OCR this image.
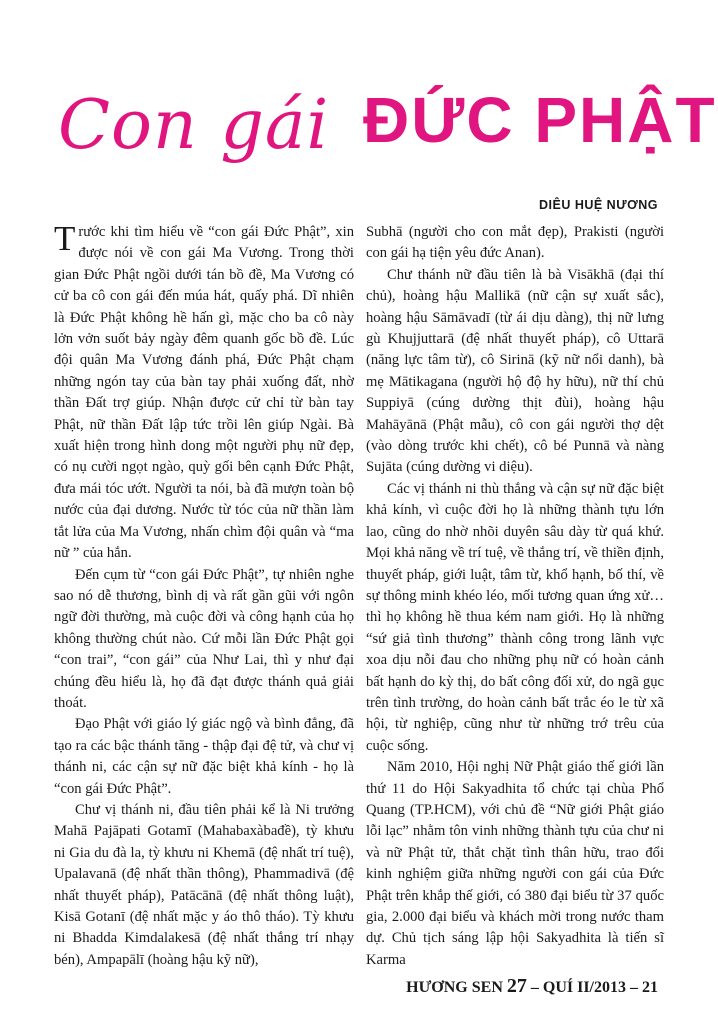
Con gái ĐỨC PHẬT
DIÊU HUỆ NƯƠNG

Trước khi tìm hiểu về “con gái Đức Phật”, xin được nói về con gái Ma Vương. Trong thời gian Đức Phật ngồi dưới tán bồ đề, Ma Vương có cử ba cô con gái đến múa hát, quấy phá. Dĩ nhiên là Đức Phật không hề hấn gì, mặc cho ba cô này lởn vởn suốt bảy ngày đêm quanh gốc bồ đề. Lúc đội quân Ma Vương đánh phá, Đức Phật chạm những ngón tay của bàn tay phải xuống đất, nhờ thần Đất trợ giúp. Nhận được cử chỉ từ bàn tay Phật, nữ thần Đất lập tức trồi lên giúp Ngài. Bà xuất hiện trong hình dong một người phụ nữ đẹp, có nụ cười ngọt ngào, quỳ gối bên cạnh Đức Phật, đưa mái tóc ướt. Người ta nói, bà đã mượn toàn bộ nước của đại dương. Nước từ tóc của nữ thần làm tắt lửa của Ma Vương, nhấn chìm đội quân và “ma nữ ” của hắn.

Đến cụm từ “con gái Đức Phật”, tự nhiên nghe sao nó dễ thương, bình dị và rất gần gũi với ngôn ngữ đời thường, mà cuộc đời và công hạnh của họ không thường chút nào. Cứ mỗi lần Đức Phật gọi “con trai”, “con gái” của Như Lai, thì y như đại chúng đều hiểu là, họ đã đạt được thánh quả giải thoát.

Đạo Phật với giáo lý giác ngộ và bình đẳng, đã tạo ra các bậc thánh tăng - thập đại đệ tử, và chư vị thánh ni, các cận sự nữ đặc biệt khả kính - họ là “con gái Đức Phật”.

Chư vị thánh ni, đầu tiên phải kể là Ni trưởng Mahā Pajāpati Gotamī (Mahabaxàbađề), tỳ khưu ni Gia du đà la, tỳ khưu ni Khemā (đệ nhất trí tuệ), Upalavanā (đệ nhất thần thông), Phammadivā (đệ nhất thuyết pháp), Patācānā (đệ nhất thông luật), Kisā Gotanī (đệ nhất mặc y áo thô tháo). Tỳ khưu ni Bhadda Kimdalakesā (đệ nhất thắng trí nhạy bén), Ampapālī (hoàng hậu kỹ nữ),

Subhā (người cho con mắt đẹp), Prakisti (người con gái hạ tiện yêu đức Anan).

Chư thánh nữ đầu tiên là bà Visākhā (đại thí chủ), hoàng hậu Mallikā (nữ cận sự xuất sắc), hoàng hậu Sāmāvadī (từ ái dịu dàng), thị nữ lưng gù Khujjuttarā (đệ nhất thuyết pháp), cô Uttarā (năng lực tâm từ), cô Sirinā (kỹ nữ nổi danh), bà mẹ Mātikagana (người hộ độ hy hữu), nữ thí chủ Suppiyā (cúng dường thịt đùi), hoàng hậu Mahāyānā (Phật mẫu), cô con gái người thợ dệt (vào dòng trước khi chết), cô bé Punnā và nàng Sujāta (cúng dường vi diệu).

Các vị thánh ni thù thắng và cận sự nữ đặc biệt khả kính, vì cuộc đời họ là những thành tựu lớn lao, cũng do nhờ nhõi duyên sâu dày từ quá khứ. Mọi khả năng về trí tuệ, về thắng trí, về thiền định, thuyết pháp, giới luật, tâm từ, khổ hạnh, bố thí, về sự thông minh khéo léo, mối tương quan ứng xử… thì họ không hề thua kém nam giới. Họ là những “sứ giả tình thương” thành công trong lãnh vực xoa dịu nỗi đau cho những phụ nữ có hoàn cảnh bất hạnh do kỳ thị, do bất công đối xử, do ngã gục trên tình trường, do hoàn cảnh bất trắc éo le từ xã hội, từ nghiệp, cũng như từ những trớ trêu của cuộc sống.

Năm 2010, Hội nghị Nữ Phật giáo thế giới lần thứ 11 do Hội Sakyadhita tổ chức tại chùa Phổ Quang (TP.HCM), với chủ đề “Nữ giới Phật giáo lỗi lạc” nhằm tôn vinh những thành tựu của chư ni và nữ Phật tử, thắt chặt tình thân hữu, trao đổi kinh nghiệm giữa những người con gái của Đức Phật trên khắp thế giới, có 380 đại biểu từ 37 quốc gia, 2.000 đại biểu và khách mời trong nước tham dự. Chủ tịch sáng lập hội Sakyadhita là tiến sĩ Karma

HƯƠNG SEN 27 – QUÍ II/2013 – 21
